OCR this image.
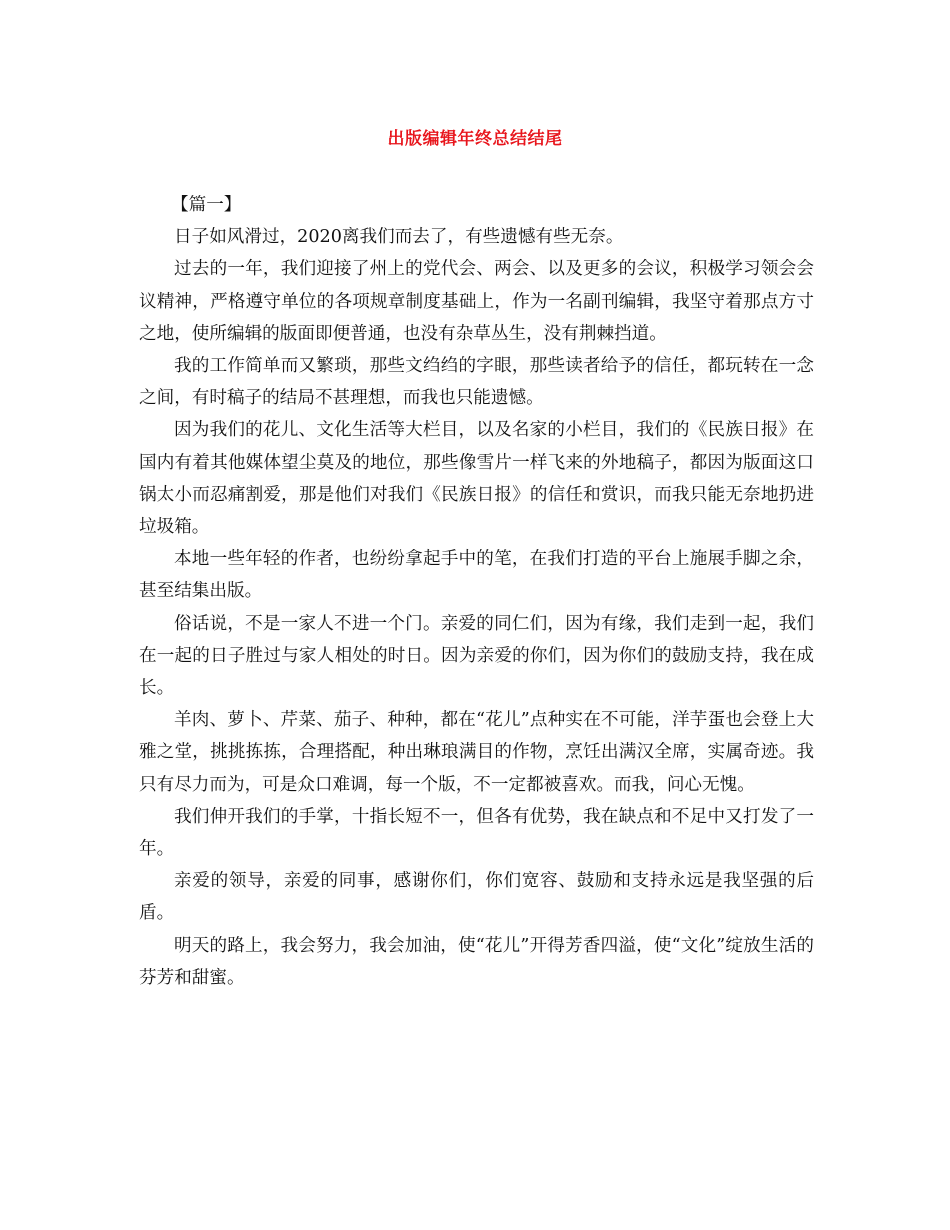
出版编辑年终总结结尾

【篇一】

日子如风滑过，2020离我们而去了，有些遗憾有些无奈。

过去的一年，我们迎接了州上的党代会、两会、以及更多的会议，积极学习领会会议精神，严格遵守单位的各项规章制度基础上，作为一名副刊编辑，我坚守着那点方寸之地，使所编辑的版面即便普通，也没有杂草丛生，没有荆棘挡道。

我的工作简单而又繁琐，那些文绉绉的字眼，那些读者给予的信任，都玩转在一念之间，有时稿子的结局不甚理想，而我也只能遗憾。

因为我们的花儿、文化生活等大栏目，以及名家的小栏目，我们的《民族日报》在国内有着其他媒体望尘莫及的地位，那些像雪片一样飞来的外地稿子，都因为版面这口锅太小而忍痛割爱，那是他们对我们《民族日报》的信任和赏识，而我只能无奈地扔进垃圾箱。

本地一些年轻的作者，也纷纷拿起手中的笔，在我们打造的平台上施展手脚之余，甚至结集出版。

俗话说，不是一家人不进一个门。亲爱的同仁们，因为有缘，我们走到一起，我们在一起的日子胜过与家人相处的时日。因为亲爱的你们，因为你们的鼓励支持，我在成长。

羊肉、萝卜、芹菜、茄子、种种，都在“花儿”点种实在不可能，洋芋蛋也会登上大雅之堂，挑挑拣拣，合理搭配，种出琳琅满目的作物，烹饪出满汉全席，实属奇迹。我只有尽力而为，可是众口难调，每一个版，不一定都被喜欢。而我，问心无愧。

我们伸开我们的手掌，十指长短不一，但各有优势，我在缺点和不足中又打发了一年。

亲爱的领导，亲爱的同事，感谢你们，你们宽容、鼓励和支持永远是我坚强的后盾。

明天的路上，我会努力，我会加油，使“花儿”开得芳香四溢，使“文化”绽放生活的芬芳和甜蜜。
